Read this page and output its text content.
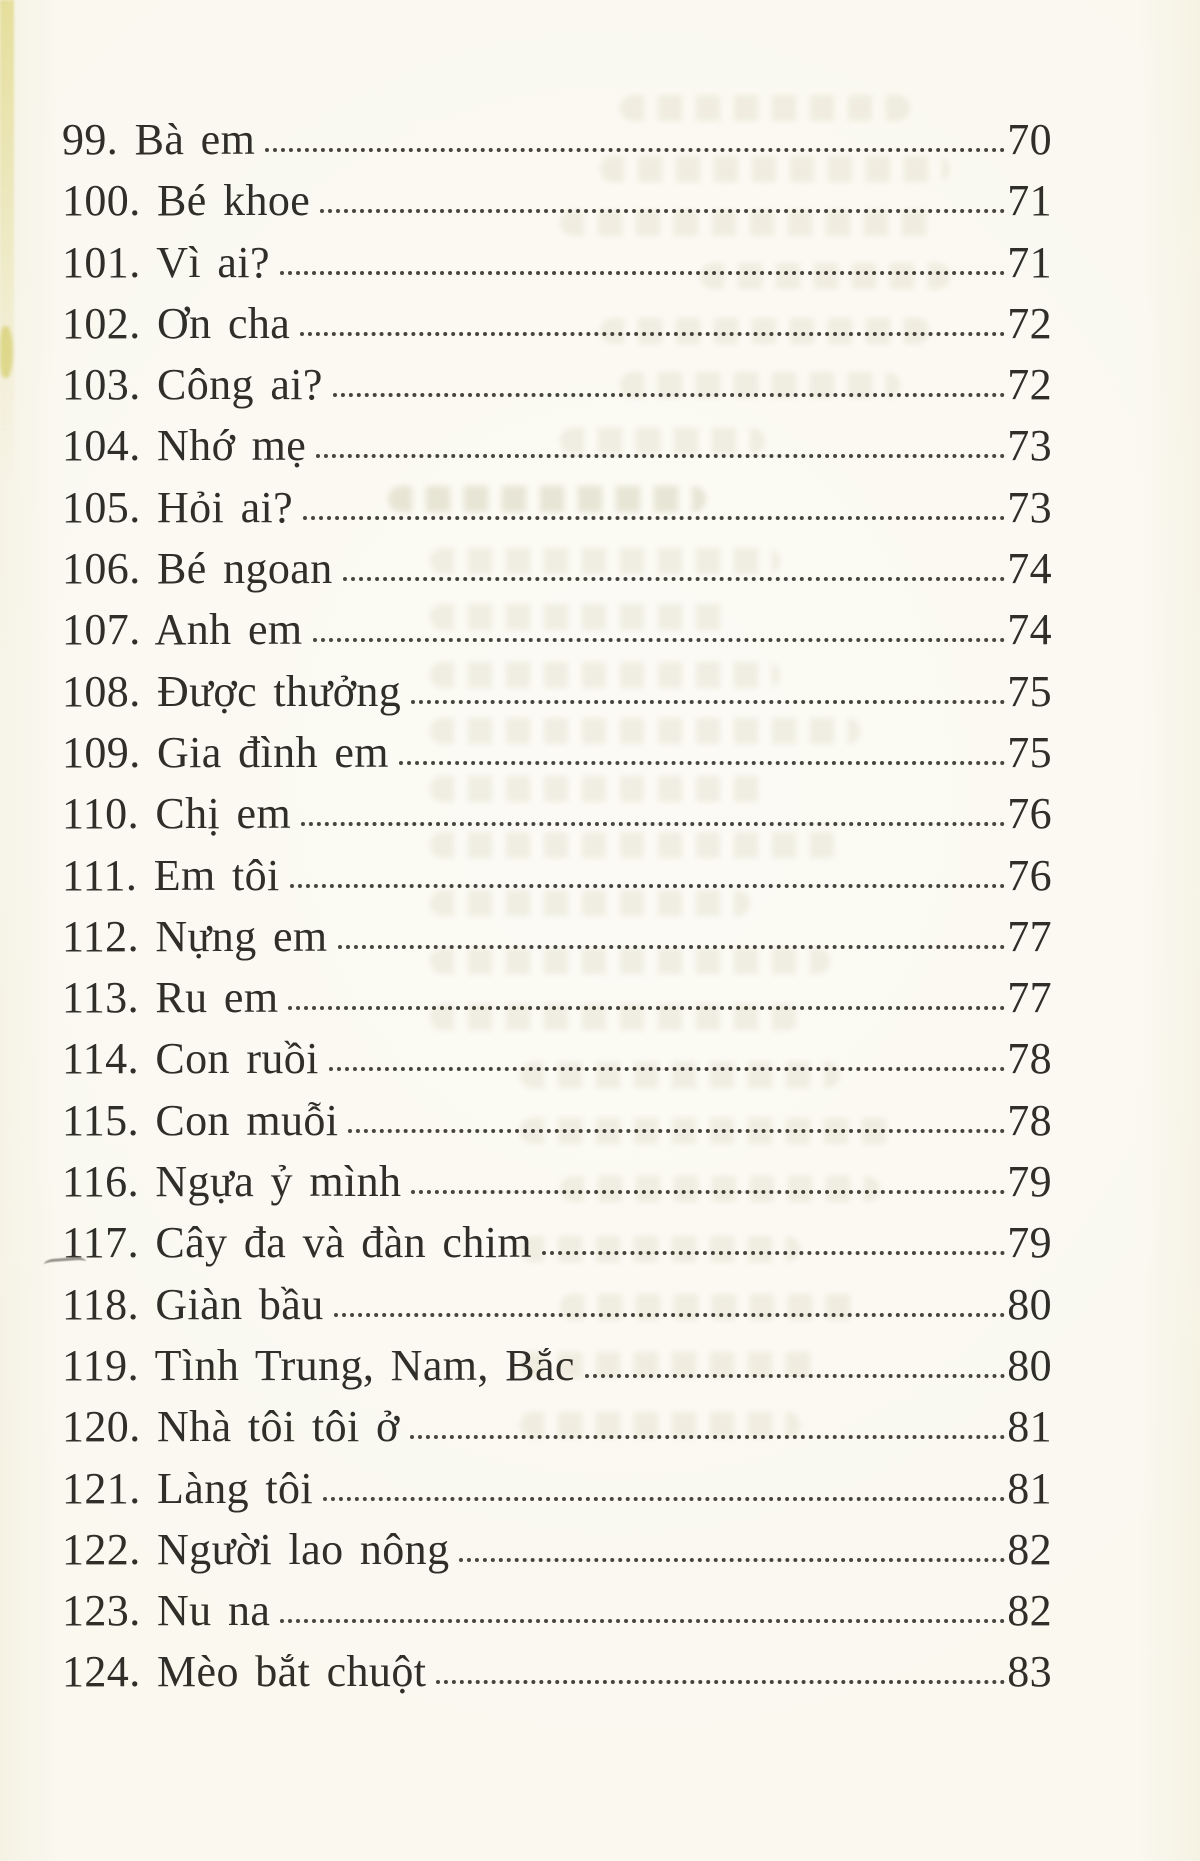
99. Bà em	70
100. Bé khoe	71
101. Vì ai?	71
102. Ơn cha	72
103. Công ai?	72
104. Nhớ mẹ	73
105. Hỏi ai?	73
106. Bé ngoan	74
107. Anh em	74
108. Được thưởng	75
109. Gia đình em	75
110. Chị em	76
111. Em tôi	76
112. Nựng em	77
113. Ru em	77
114. Con ruồi	78
115. Con muỗi	78
116. Ngựa ỷ mình	79
117. Cây đa và đàn chim	79
118. Giàn bầu	80
119. Tình Trung, Nam, Bắc	80
120. Nhà tôi tôi ở	81
121. Làng tôi	81
122. Người lao nông	82
123. Nu na	82
124. Mèo bắt chuột	83
